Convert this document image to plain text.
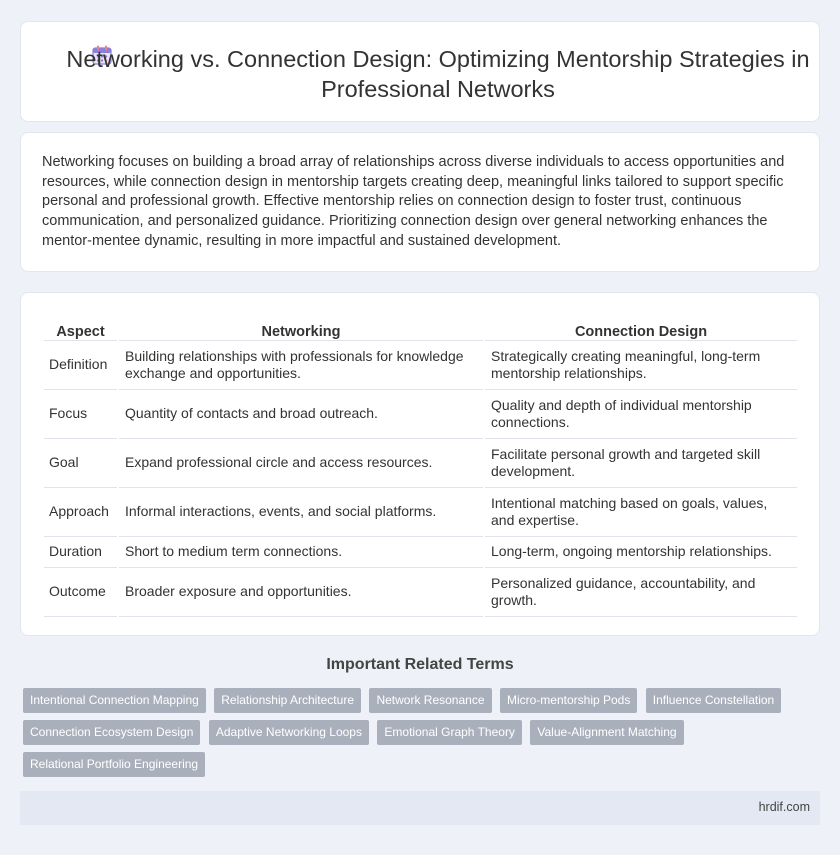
Networking vs. Connection Design: Optimizing Mentorship Strategies in Professional Networks

Networking focuses on building a broad array of relationships across diverse individuals to access opportunities and resources, while connection design in mentorship targets creating deep, meaningful links tailored to support specific personal and professional growth. Effective mentorship relies on connection design to foster trust, continuous communication, and personalized guidance. Prioritizing connection design over general networking enhances the mentor-mentee dynamic, resulting in more impactful and sustained development.

Aspect	Networking	Connection Design
Definition	Building relationships with professionals for knowledge exchange and opportunities.	Strategically creating meaningful, long-term mentorship relationships.
Focus	Quantity of contacts and broad outreach.	Quality and depth of individual mentorship connections.
Goal	Expand professional circle and access resources.	Facilitate personal growth and targeted skill development.
Approach	Informal interactions, events, and social platforms.	Intentional matching based on goals, values, and expertise.
Duration	Short to medium term connections.	Long-term, ongoing mentorship relationships.
Outcome	Broader exposure and opportunities.	Personalized guidance, accountability, and growth.
Important Related Terms
Intentional Connection Mapping Relationship Architecture Network Resonance Micro-mentorship Pods Influence Constellation Connection Ecosystem Design Adaptive Networking Loops Emotional Graph Theory Value-Alignment Matching Relational Portfolio Engineering
hrdif.com
